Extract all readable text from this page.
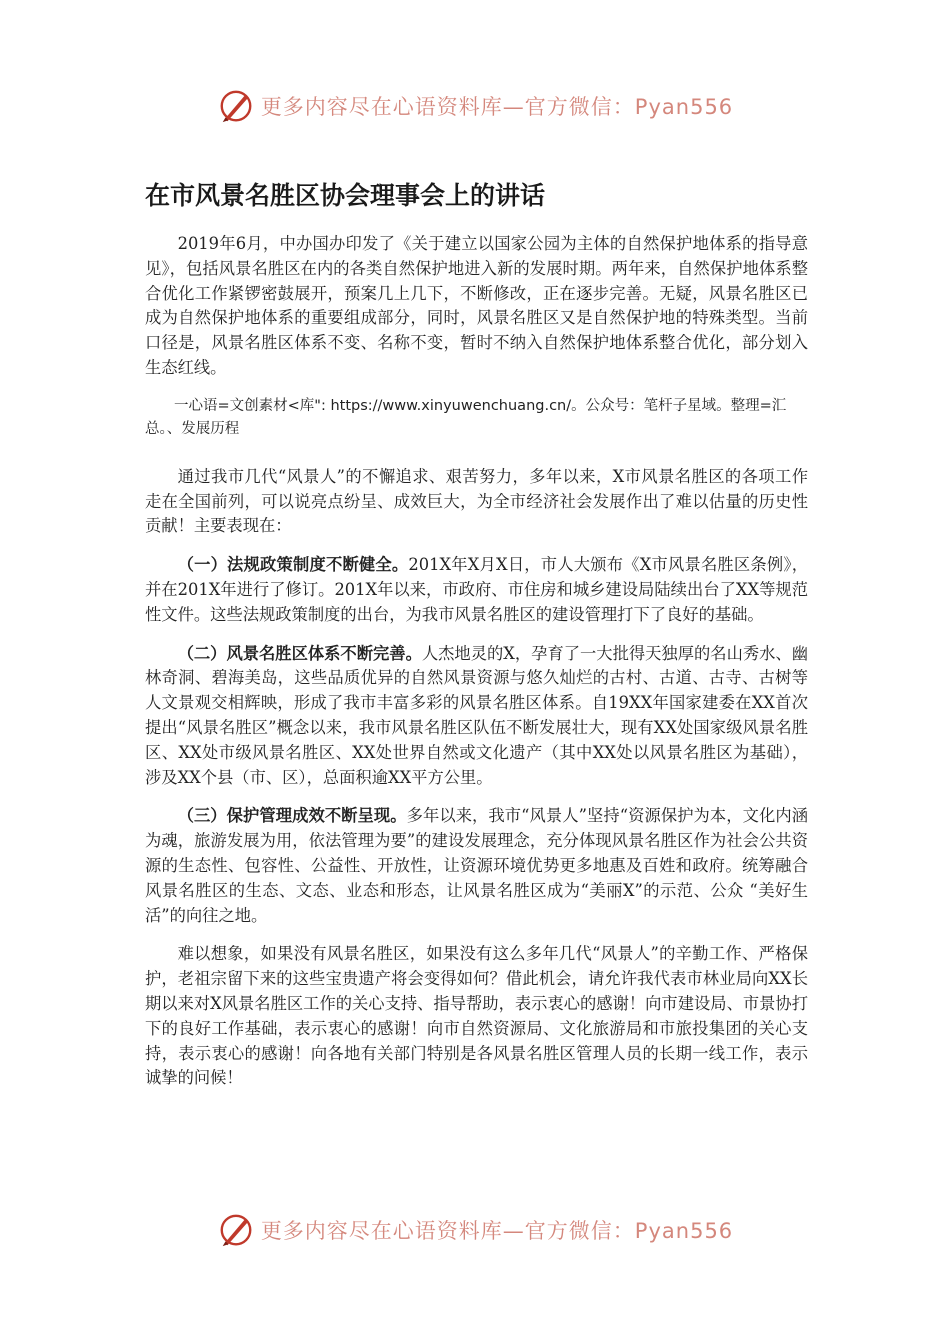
更多内容尽在心语资料库—官方微信：Pyan556
在市风景名胜区协会理事会上的讲话

2019年6月，中办国办印发了《关于建立以国家公园为主体的自然保护地体系的指导意见》，包括风景名胜区在内的各类自然保护地进入新的发展时期。两年来，自然保护地体系整合优化工作紧锣密鼓展开，预案几上几下，不断修改，正在逐步完善。无疑，风景名胜区已成为自然保护地体系的重要组成部分，同时，风景名胜区又是自然保护地的特殊类型。当前口径是，风景名胜区体系不变、名称不变，暂时不纳入自然保护地体系整合优化，部分划入生态红线。

一心语=文创素材<库": https://www.xinyuwenchuang.cn/。公众号：笔杆子星域。整理=汇总。、发展历程

通过我市几代“风景人”的不懈追求、艰苦努力，多年以来，X市风景名胜区的各项工作走在全国前列，可以说亮点纷呈、成效巨大，为全市经济社会发展作出了难以估量的历史性贡献！主要表现在：

（一）法规政策制度不断健全。201X年X月X日，市人大颁布《X市风景名胜区条例》，并在201X年进行了修订。201X年以来，市政府、市住房和城乡建设局陆续出台了XX等规范性文件。这些法规政策制度的出台，为我市风景名胜区的建设管理打下了良好的基础。

（二）风景名胜区体系不断完善。人杰地灵的X，孕育了一大批得天独厚的名山秀水、幽林奇洞、碧海美岛，这些品质优异的自然风景资源与悠久灿烂的古村、古道、古寺、古树等人文景观交相辉映，形成了我市丰富多彩的风景名胜区体系。自19XX年国家建委在XX首次提出“风景名胜区”概念以来，我市风景名胜区队伍不断发展壮大，现有XX处国家级风景名胜区、XX处市级风景名胜区、XX处世界自然或文化遗产（其中XX处以风景名胜区为基础），涉及XX个县（市、区），总面积逾XX平方公里。

（三）保护管理成效不断呈现。多年以来，我市“风景人”坚持“资源保护为本，文化内涵为魂，旅游发展为用，依法管理为要”的建设发展理念，充分体现风景名胜区作为社会公共资源的生态性、包容性、公益性、开放性，让资源环境优势更多地惠及百姓和政府。统筹融合风景名胜区的生态、文态、业态和形态，让风景名胜区成为“美丽X”的示范、公众 “美好生活”的向往之地。

难以想象，如果没有风景名胜区，如果没有这么多年几代“风景人”的辛勤工作、严格保护，老祖宗留下来的这些宝贵遗产将会变得如何？借此机会，请允许我代表市林业局向XX长期以来对X风景名胜区工作的关心支持、指导帮助，表示衷心的感谢！向市建设局、市景协打下的良好工作基础，表示衷心的感谢！向市自然资源局、文化旅游局和市旅投集团的关心支持，表示衷心的感谢！向各地有关部门特别是各风景名胜区管理人员的长期一线工作，表示诚挚的问候！

更多内容尽在心语资料库—官方微信：Pyan556
